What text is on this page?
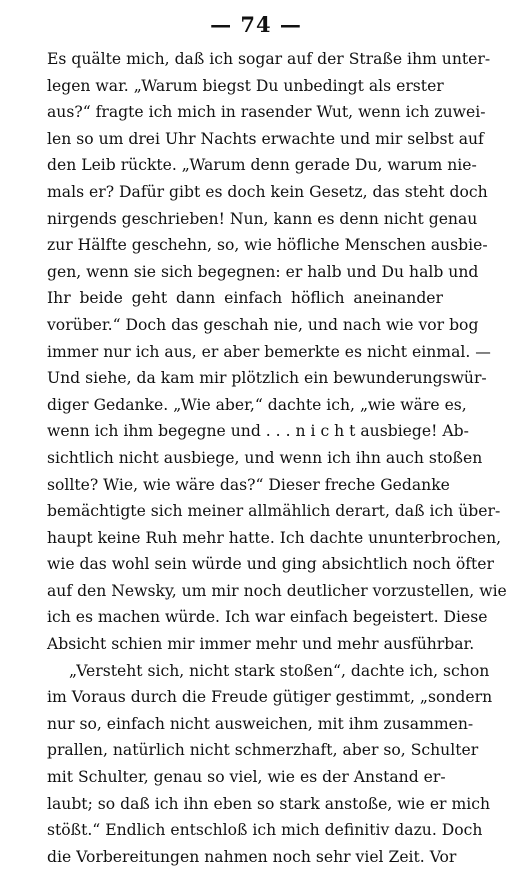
— 74 —
Es quälte mich, daß ich sogar auf der Straße ihm unter-
legen war. „Warum biegst Du unbedingt als erster
aus?“ fragte ich mich in rasender Wut, wenn ich zuwei-
len so um drei Uhr Nachts erwachte und mir selbst auf
den Leib rückte. „Warum denn gerade Du, warum nie-
mals er? Dafür gibt es doch kein Gesetz, das steht doch
nirgends geschrieben! Nun, kann es denn nicht genau
zur Hälfte geschehn, so, wie höfliche Menschen ausbie-
gen, wenn sie sich begegnen: er halb und Du halb und
Ihr beide geht dann einfach höflich aneinander
vorüber.“ Doch das geschah nie, und nach wie vor bog
immer nur ich aus, er aber bemerkte es nicht einmal. —
Und siehe, da kam mir plötzlich ein bewunderungswür-
diger Gedanke. „Wie aber,“ dachte ich, „wie wäre es,
wenn ich ihm begegne und . . . n i c h t ausbiege! Ab-
sichtlich nicht ausbiege, und wenn ich ihn auch stoßen
sollte? Wie, wie wäre das?“ Dieser freche Gedanke
bemächtigte sich meiner allmählich derart, daß ich über-
haupt keine Ruh mehr hatte. Ich dachte ununterbrochen,
wie das wohl sein würde und ging absichtlich noch öfter
auf den Newsky, um mir noch deutlicher vorzustellen, wie
ich es machen würde. Ich war einfach begeistert. Diese
Absicht schien mir immer mehr und mehr ausführbar.
„Versteht sich, nicht stark stoßen“, dachte ich, schon
im Voraus durch die Freude gütiger gestimmt, „sondern
nur so, einfach nicht ausweichen, mit ihm zusammen-
prallen, natürlich nicht schmerzhaft, aber so, Schulter
mit Schulter, genau so viel, wie es der Anstand er-
laubt; so daß ich ihn eben so stark anstoße, wie er mich
stößt.“ Endlich entschloß ich mich definitiv dazu. Doch
die Vorbereitungen nahmen noch sehr viel Zeit. Vor
